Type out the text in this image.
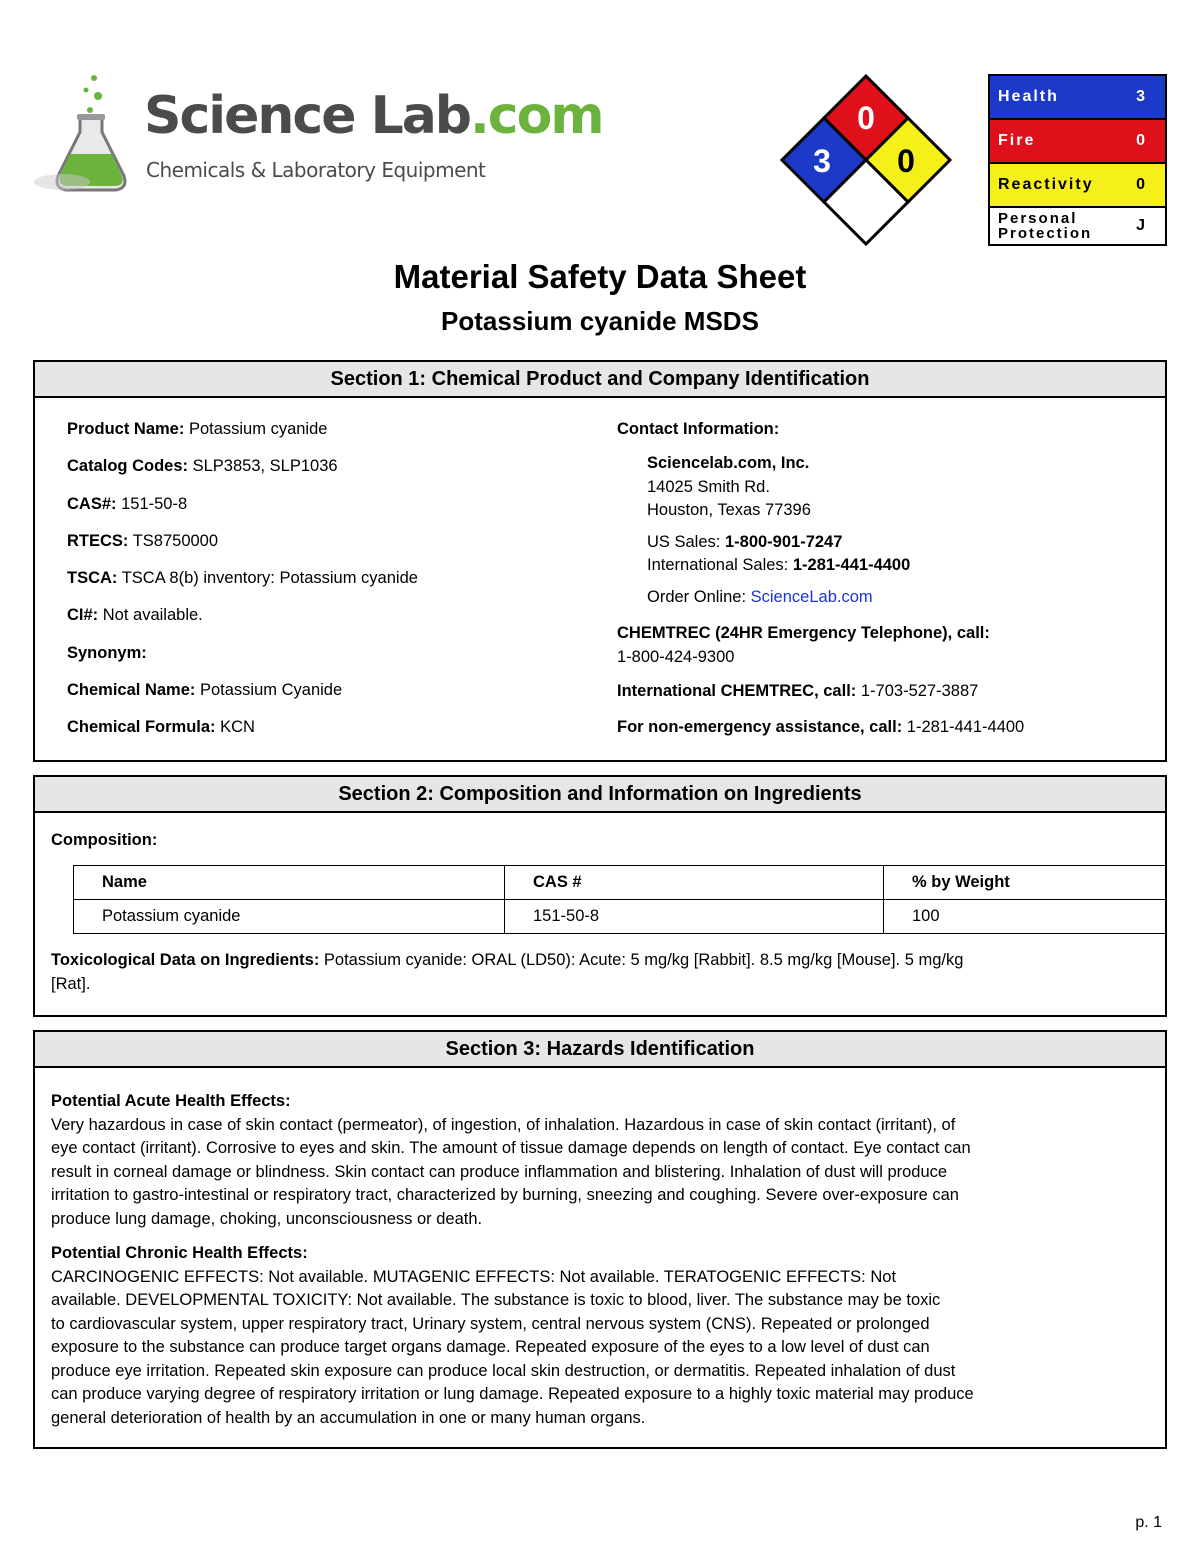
Science Lab.com
Chemicals & Laboratory Equipment
0
3 0
Health	3
Fire	0
Reactivity	0
Personal
Protection	J
Material Safety Data Sheet
Potassium cyanide MSDS
Section 1: Chemical Product and Company Identification
Product Name: Potassium cyanide
Catalog Codes: SLP3853, SLP1036
CAS#: 151-50-8
RTECS: TS8750000
TSCA: TSCA 8(b) inventory: Potassium cyanide
CI#: Not available.
Synonym:
Chemical Name: Potassium Cyanide
Chemical Formula: KCN
Contact Information:
Sciencelab.com, Inc.
14025 Smith Rd.
Houston, Texas 77396
US Sales: 1-800-901-7247
International Sales: 1-281-441-4400
Order Online: ScienceLab.com
CHEMTREC (24HR Emergency Telephone), call:
1-800-424-9300
International CHEMTREC, call: 1-703-527-3887
For non-emergency assistance, call: 1-281-441-4400
Section 2: Composition and Information on Ingredients
Composition:
Name	CAS #	% by Weight
Potassium cyanide	151-50-8	100
Toxicological Data on Ingredients: Potassium cyanide: ORAL (LD50): Acute: 5 mg/kg [Rabbit]. 8.5 mg/kg [Mouse]. 5 mg/kg
[Rat].
Section 3: Hazards Identification
Potential Acute Health Effects:
Very hazardous in case of skin contact (permeator), of ingestion, of inhalation. Hazardous in case of skin contact (irritant), of
eye contact (irritant). Corrosive to eyes and skin. The amount of tissue damage depends on length of contact. Eye contact can
result in corneal damage or blindness. Skin contact can produce inflammation and blistering. Inhalation of dust will produce
irritation to gastro-intestinal or respiratory tract, characterized by burning, sneezing and coughing. Severe over-exposure can
produce lung damage, choking, unconsciousness or death.
Potential Chronic Health Effects:
CARCINOGENIC EFFECTS: Not available. MUTAGENIC EFFECTS: Not available. TERATOGENIC EFFECTS: Not
available. DEVELOPMENTAL TOXICITY: Not available. The substance is toxic to blood, liver. The substance may be toxic
to cardiovascular system, upper respiratory tract, Urinary system, central nervous system (CNS). Repeated or prolonged
exposure to the substance can produce target organs damage. Repeated exposure of the eyes to a low level of dust can
produce eye irritation. Repeated skin exposure can produce local skin destruction, or dermatitis. Repeated inhalation of dust
can produce varying degree of respiratory irritation or lung damage. Repeated exposure to a highly toxic material may produce
general deterioration of health by an accumulation in one or many human organs.
p. 1
